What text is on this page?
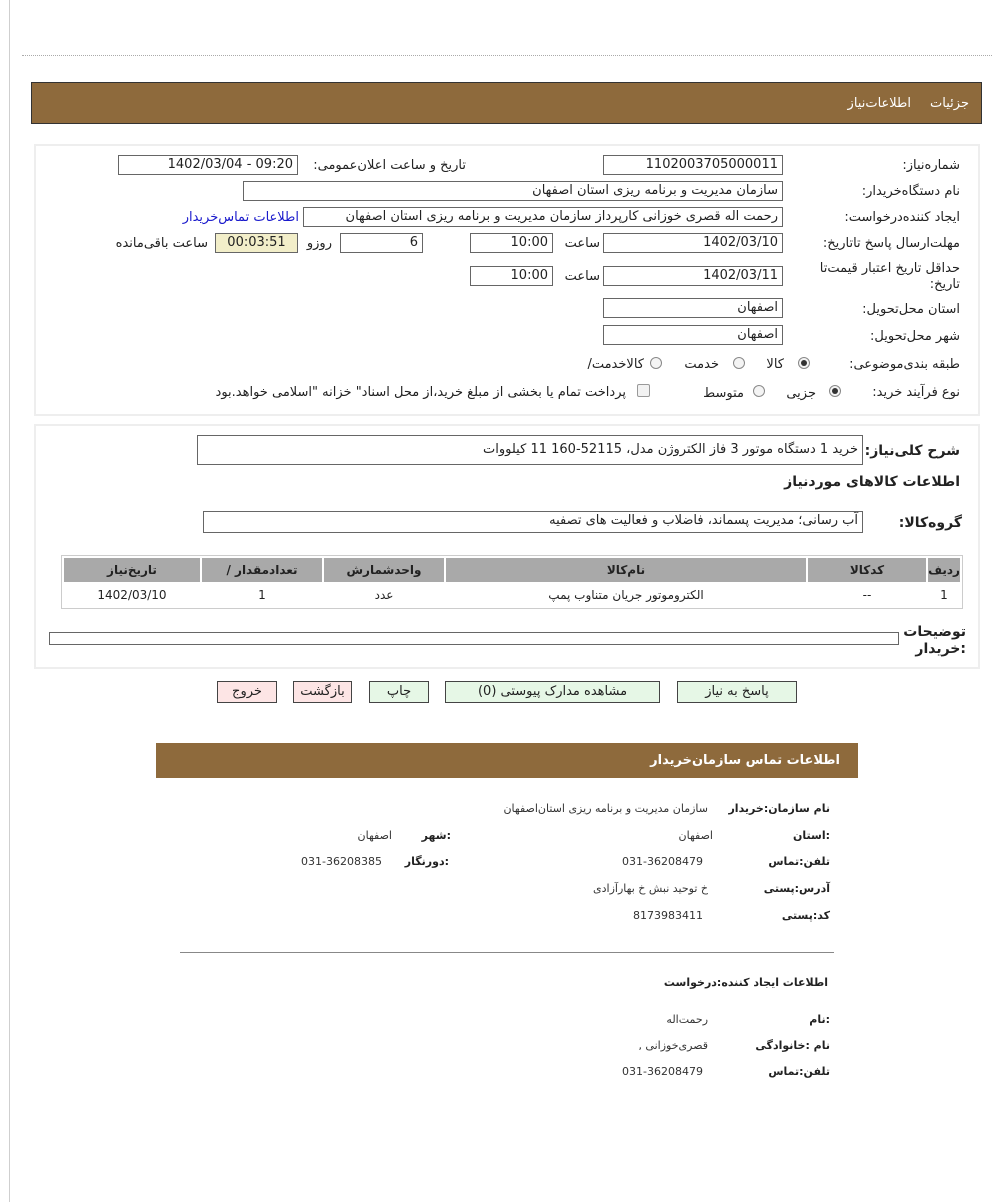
جزئیات
اطلاعات‌نیاز
شماره‌نیاز:
1102003705000011
تاریخ و ساعت اعلان‌عمومی:
1402/03/04 - 09:20
نام دستگاه‌خریدار:
سازمان مدیریت و برنامه ریزی استان اصفهان
ایجاد کننده‌درخواست:
رحمت اله قصری خوزانی کارپرداز سازمان مدیریت و برنامه ریزی استان اصفهان
اطلاعات تماس‌خریدار
مهلت‌ارسال پاسخ تا‌تاریخ:
1402/03/10
ساعت
10:00
روزو	6
00:03:51
ساعت باقی‌مانده
حداقل تاریخ اعتبار قیمت‌تا
تاریخ:
1402/03/11
ساعت
10:00
استان محل‌تحویل:
اصفهان
شهر محل‌تحویل:
اصفهان
طبقه بندی‌موضوعی:
کالا
خدمت
کالا‌خدمت/
نوع فرآیند خرید:
جزیی
متوسط
پرداخت تمام یا بخشی از مبلغ خرید،از محل اسناد" خزانه "اسلامی خواهد.بود
شرح کلی‌نیاز:
خرید 1 دستگاه موتور 3 فاز الکتروژن مدل، 52115-160 11 کیلووات
اطلاعات کالاهای موردنیاز
گروه‌کالا:
آب رسانی؛ مدیریت پسماند، فاضلاب و فعالیت های تصفیه
ردیف	کدکالا	نام‌کالا	واحدشمارش	تعداد‌مقدار /	تاریخ‌نیاز
1	--	الکتروموتور جریان متناوب پمپ	عدد	1	1402/03/10
توضیحات
:خریدار
پاسخ به نیاز
مشاهده مدارک پیوستی (0)
چاپ
بازگشت
خروج
اطلاعات تماس سازمان‌خریدار
نام سازمان‌:خریدار
سازمان مدیریت و برنامه ریزی استان‌اصفهان
:استان
اصفهان
:شهر
اصفهان
تلفن‌:تماس
031-36208479
:دورنگار
031-36208385
آدرس‌:پستی
خ توحید نبش خ بهارآزادی
کد‌:پستی
8173983411
اطلاعات ایجاد کننده‌:درخواست
:نام
رحمت‌اله
نام :خانوادگی
قصری‌خوزانی ,
تلفن‌:تماس
031-36208479
